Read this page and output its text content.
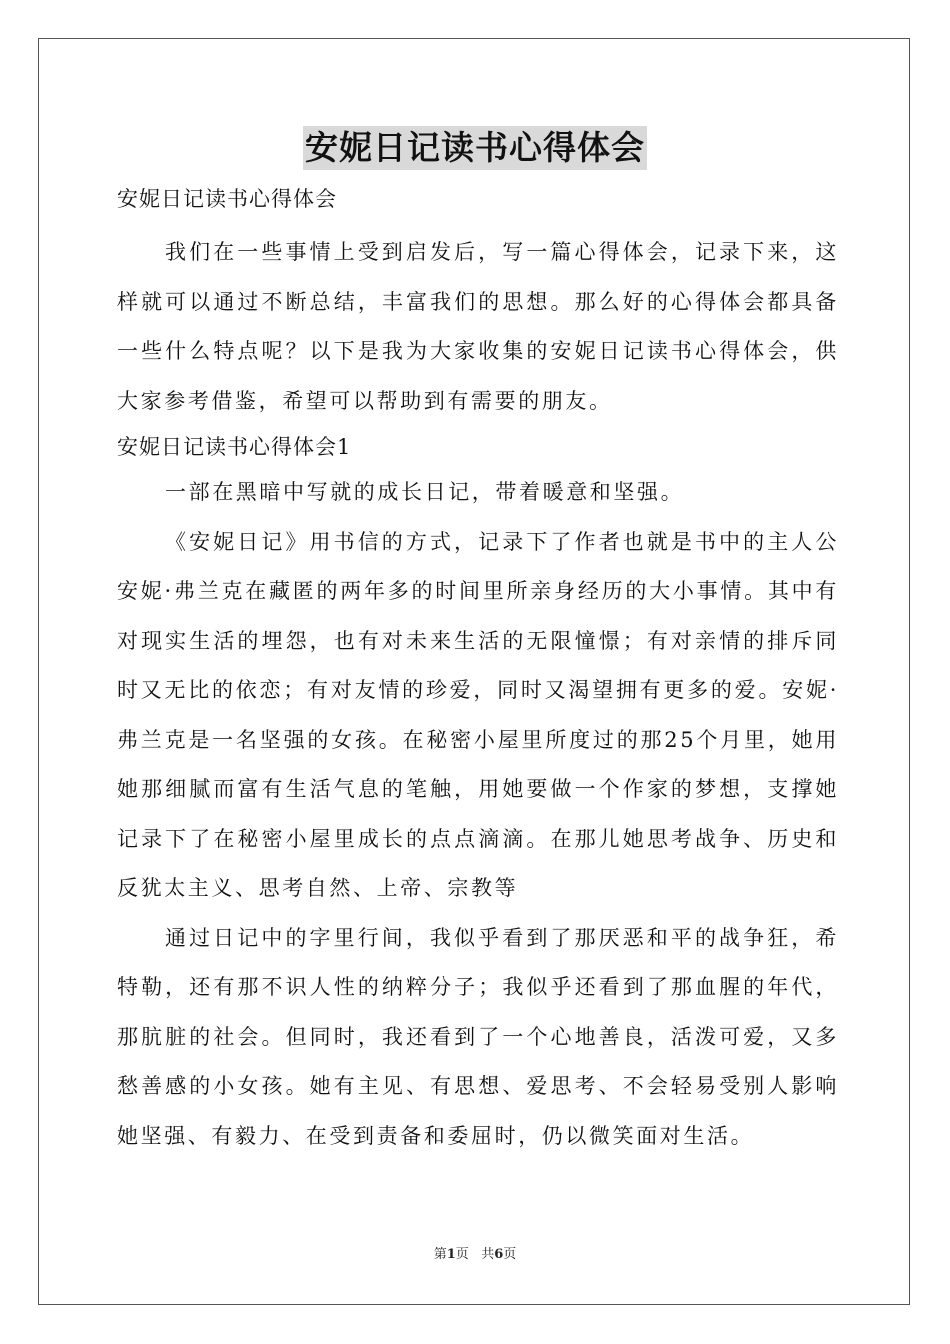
安妮日记读书心得体会

安妮日记读书心得体会

我们在一些事情上受到启发后，写一篇心得体会，记录下来，这样就可以通过不断总结，丰富我们的思想。那么好的心得体会都具备一些什么特点呢？以下是我为大家收集的安妮日记读书心得体会，供大家参考借鉴，希望可以帮助到有需要的朋友。

安妮日记读书心得体会1

一部在黑暗中写就的成长日记，带着暖意和坚强。

《安妮日记》用书信的方式，记录下了作者也就是书中的主人公安妮·弗兰克在藏匿的两年多的时间里所亲身经历的大小事情。其中有对现实生活的埋怨，也有对未来生活的无限憧憬；有对亲情的排斥同时又无比的依恋；有对友情的珍爱，同时又渴望拥有更多的爱。安妮·弗兰克是一名坚强的女孩。在秘密小屋里所度过的那25个月里，她用她那细腻而富有生活气息的笔触，用她要做一个作家的梦想，支撑她记录下了在秘密小屋里成长的点点滴滴。在那儿她思考战争、历史和反犹太主义、思考自然、上帝、宗教等

通过日记中的字里行间，我似乎看到了那厌恶和平的战争狂，希特勒，还有那不识人性的纳粹分子；我似乎还看到了那血腥的年代，那肮脏的社会。但同时，我还看到了一个心地善良，活泼可爱，又多愁善感的小女孩。她有主见、有思想、爱思考、不会轻易受别人影响她坚强、有毅力、在受到责备和委屈时，仍以微笑面对生活。

第1页 共6页
